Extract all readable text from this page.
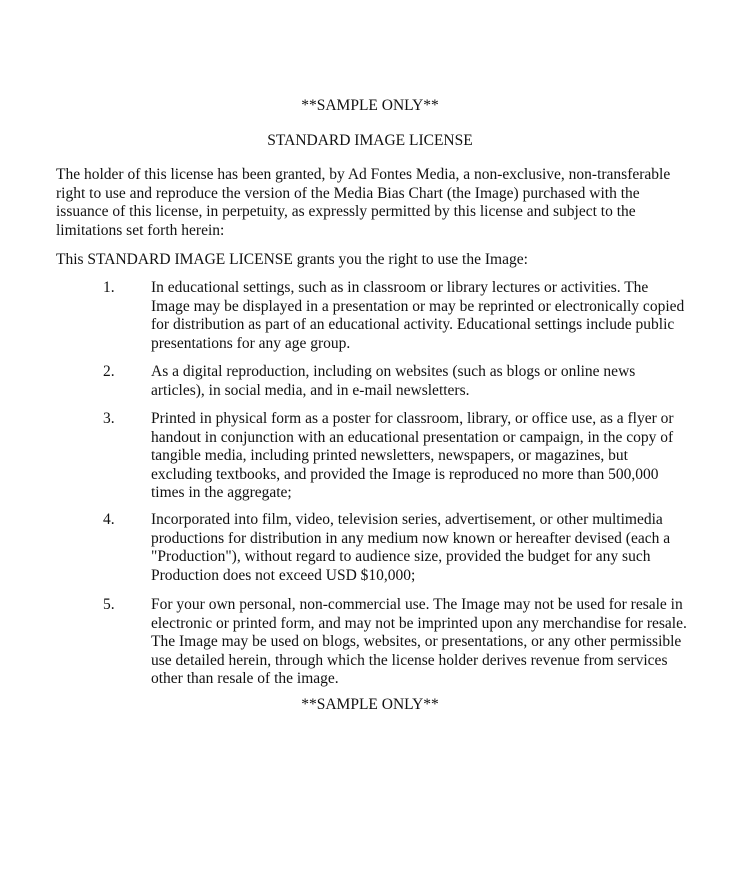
**SAMPLE ONLY**

STANDARD IMAGE LICENSE

The holder of this license has been granted, by Ad Fontes Media, a non-exclusive, non-transferable right to use and reproduce the version of the Media Bias Chart (the Image) purchased with the issuance of this license, in perpetuity, as expressly permitted by this license and subject to the limitations set forth herein:

This STANDARD IMAGE LICENSE grants you the right to use the Image:

1.	In educational settings, such as in classroom or library lectures or activities. The Image may be displayed in a presentation or may be reprinted or electronically copied for distribution as part of an educational activity. Educational settings include public presentations for any age group.

2.	As a digital reproduction, including on websites (such as blogs or online news articles), in social media, and in e-mail newsletters.

3.	Printed in physical form as a poster for classroom, library, or office use, as a flyer or handout in conjunction with an educational presentation or campaign, in the copy of tangible media, including printed newsletters, newspapers, or magazines, but excluding textbooks, and provided the Image is reproduced no more than 500,000 times in the aggregate;

4.	Incorporated into film, video, television series, advertisement, or other multimedia productions for distribution in any medium now known or hereafter devised (each a "Production"), without regard to audience size, provided the budget for any such Production does not exceed USD $10,000;

5.	For your own personal, non-commercial use. The Image may not be used for resale in electronic or printed form, and may not be imprinted upon any merchandise for resale. The Image may be used on blogs, websites, or presentations, or any other permissible use detailed herein, through which the license holder derives revenue from services other than resale of the image.

**SAMPLE ONLY**
